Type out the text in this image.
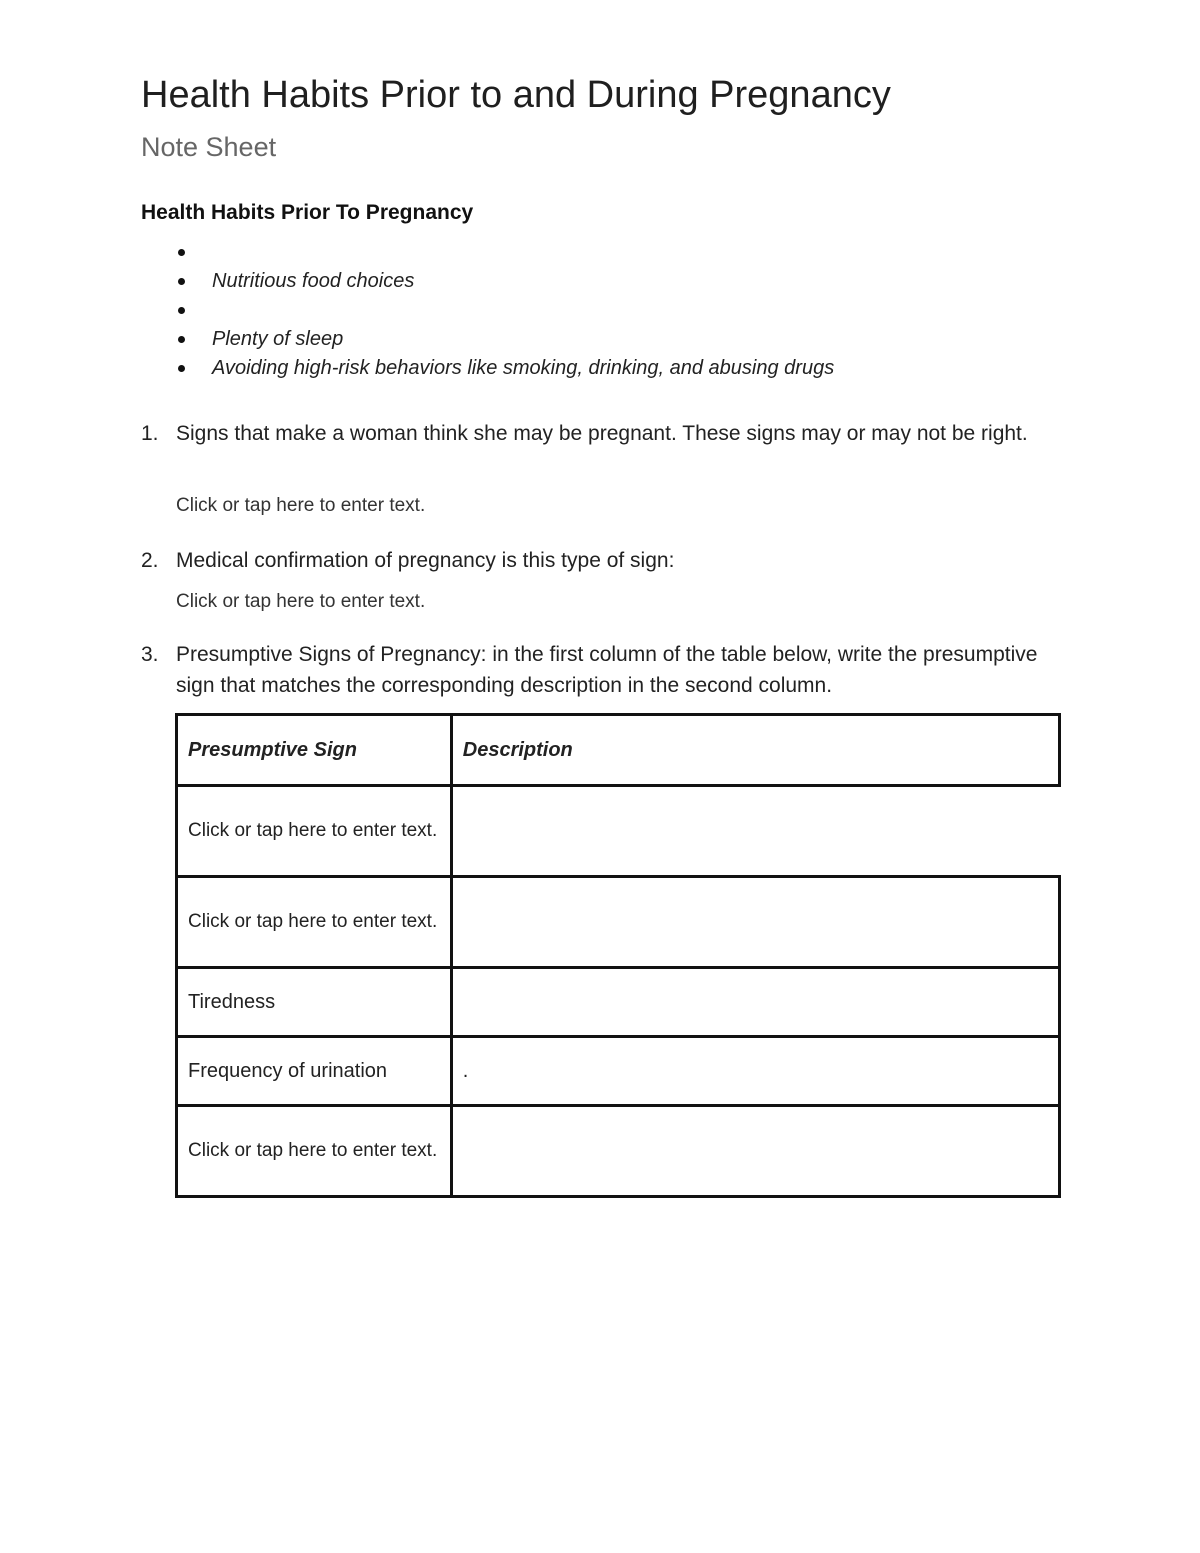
Health Habits Prior to and During Pregnancy
Note Sheet
Health Habits Prior To Pregnancy
Nutritious food choices
Plenty of sleep
Avoiding high-risk behaviors like smoking, drinking, and abusing drugs
1. Signs that make a woman think she may be pregnant. These signs may or may not be right.
Click or tap here to enter text.
2. Medical confirmation of pregnancy is this type of sign:
Click or tap here to enter text.
3. Presumptive Signs of Pregnancy: in the first column of the table below, write the presumptive sign that matches the corresponding description in the second column.
Presumptive Sign	Description
Click or tap here to enter text.	
Click or tap here to enter text.	
Tiredness	
Frequency of urination	.
Click or tap here to enter text.	
